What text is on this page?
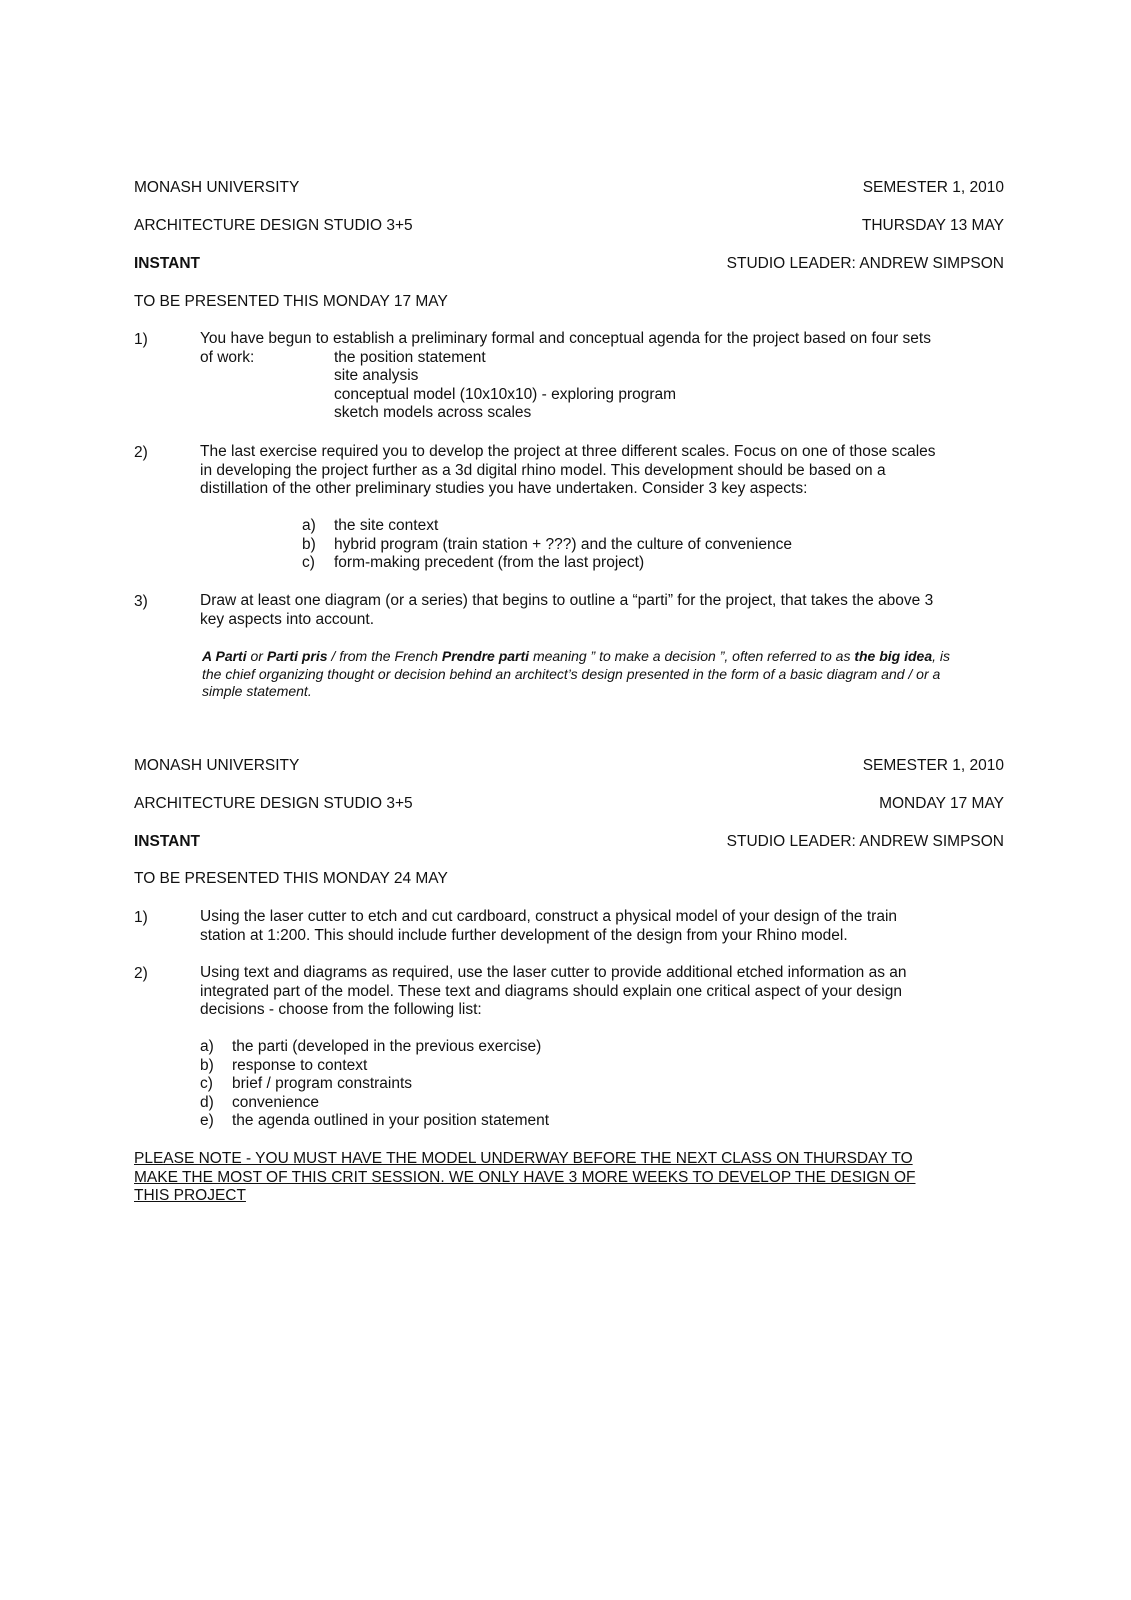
MONASH UNIVERSITY	SEMESTER 1, 2010
ARCHITECTURE DESIGN STUDIO 3+5	THURSDAY 13 MAY
INSTANT	STUDIO LEADER: ANDREW SIMPSON
TO BE PRESENTED THIS MONDAY 17 MAY
1)	You have begun to establish a preliminary formal and conceptual agenda for the project based on four sets
of work:	the position statement
site analysis
conceptual model (10x10x10) - exploring program
sketch models across scales
2)	The last exercise required you to develop the project at three different scales. Focus on one of those scales
in developing the project further as a 3d digital rhino model. This development should be based on a
distillation of the other preliminary studies you have undertaken. Consider 3 key aspects:
a) the site context
b) hybrid program (train station + ???) and the culture of convenience
c) form-making precedent (from the last project)
3)	Draw at least one diagram (or a series) that begins to outline a “parti” for the project, that takes the above 3
key aspects into account.
A Parti or Parti pris / from the French Prendre parti meaning ” to make a decision ”, often referred to as the big idea, is
the chief organizing thought or decision behind an architect’s design presented in the form of a basic diagram and / or a
simple statement.
MONASH UNIVERSITY	SEMESTER 1, 2010
ARCHITECTURE DESIGN STUDIO 3+5	MONDAY 17 MAY
INSTANT	STUDIO LEADER: ANDREW SIMPSON
TO BE PRESENTED THIS MONDAY 24 MAY
1)	Using the laser cutter to etch and cut cardboard, construct a physical model of your design of the train
station at 1:200. This should include further development of the design from your Rhino model.
2)	Using text and diagrams as required, use the laser cutter to provide additional etched information as an
integrated part of the model. These text and diagrams should explain one critical aspect of your design
decisions - choose from the following list:
a) the parti (developed in the previous exercise)
b) response to context
c) brief / program constraints
d) convenience
e) the agenda outlined in your position statement
PLEASE NOTE - YOU MUST HAVE THE MODEL UNDERWAY BEFORE THE NEXT CLASS ON THURSDAY TO
MAKE THE MOST OF THIS CRIT SESSION. WE ONLY HAVE 3 MORE WEEKS TO DEVELOP THE DESIGN OF
THIS PROJECT
